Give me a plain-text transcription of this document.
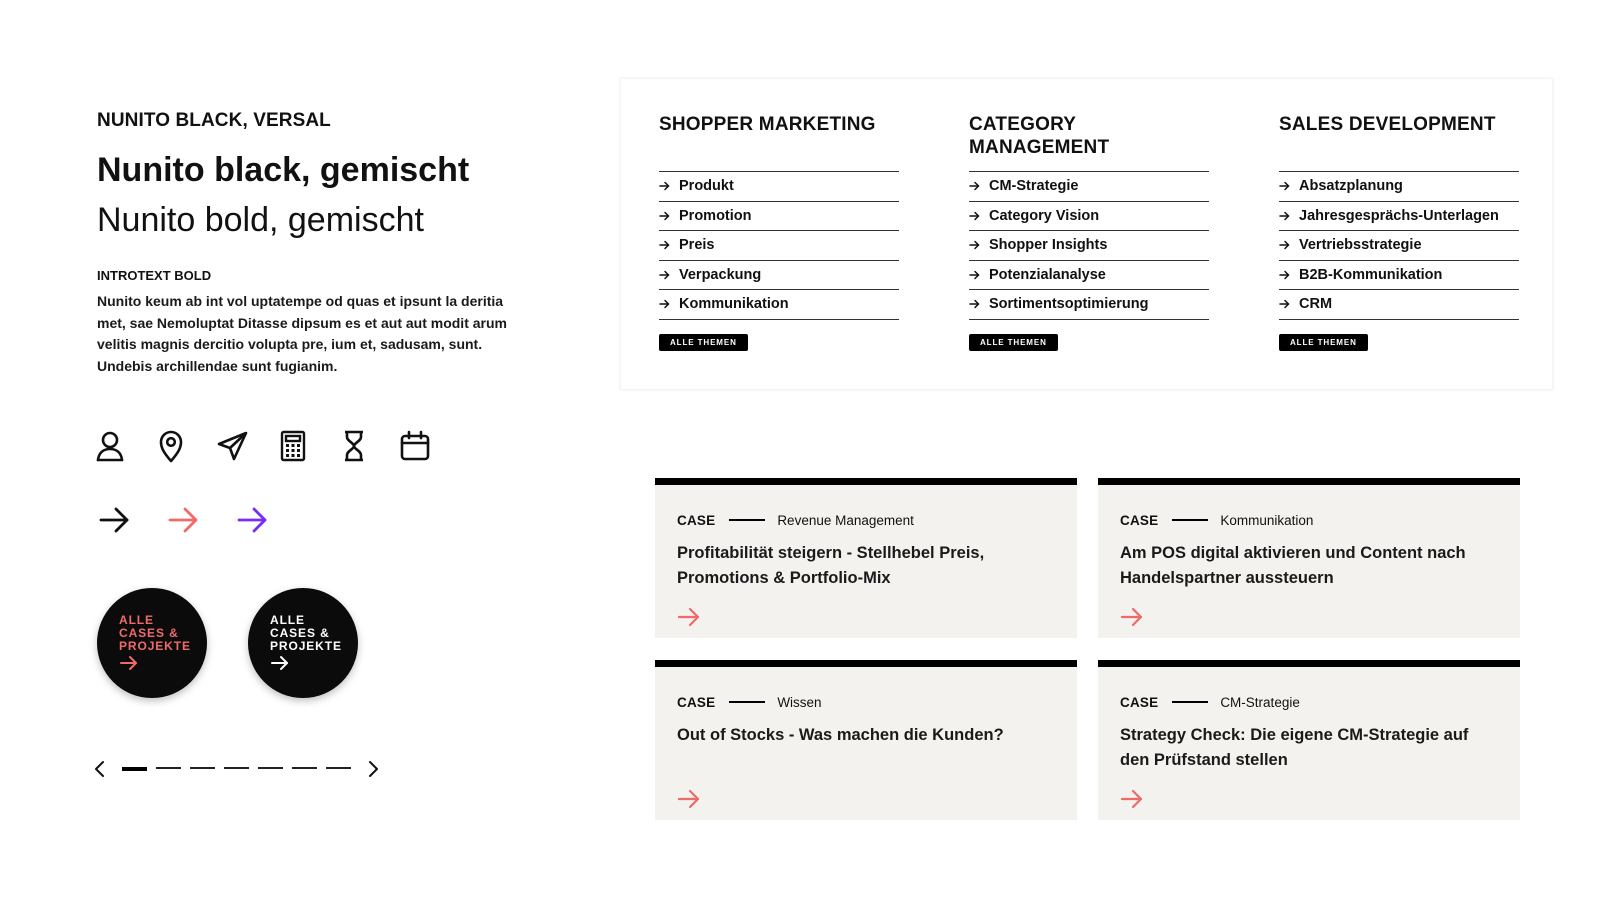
NUNITO BLACK, VERSAL
Nunito black, gemischt
Nunito bold, gemischt
INTROTEXT BOLD

Nunito keum ab int vol uptatempe od quas et ipsunt la deritia met, sae Nemoluptat Ditasse dipsum es et aut aut modit arum velitis magnis dercitio volupta pre, ium et, sadusam, sunt. Undebis archillendae sunt fugianim.

ALLE CASES & PROJEKTE
ALLE CASES & PROJEKTE
SHOPPER MARKETING
Produkt
Promotion
Preis
Verpackung
Kommunikation
ALLE THEMEN
CATEGORY MANAGEMENT
CM-Strategie
Category Vision
Shopper Insights
Potenzialanalyse
Sortimentsoptimierung
ALLE THEMEN
SALES DEVELOPMENT
Absatzplanung
Jahresgesprächs-Unterlagen
Vertriebsstrategie
B2B-Kommunikation
CRM
ALLE THEMEN
CASE	Revenue Management
Profitabilität steigern - Stellhebel Preis, Promotions & Portfolio-Mix
CASE	Kommunikation
Am POS digital aktivieren und Content nach Handelspartner aussteuern
CASE	Wissen
Out of Stocks - Was machen die Kunden?
CASE	CM-Strategie
Strategy Check: Die eigene CM-Strategie auf den Prüfstand stellen
